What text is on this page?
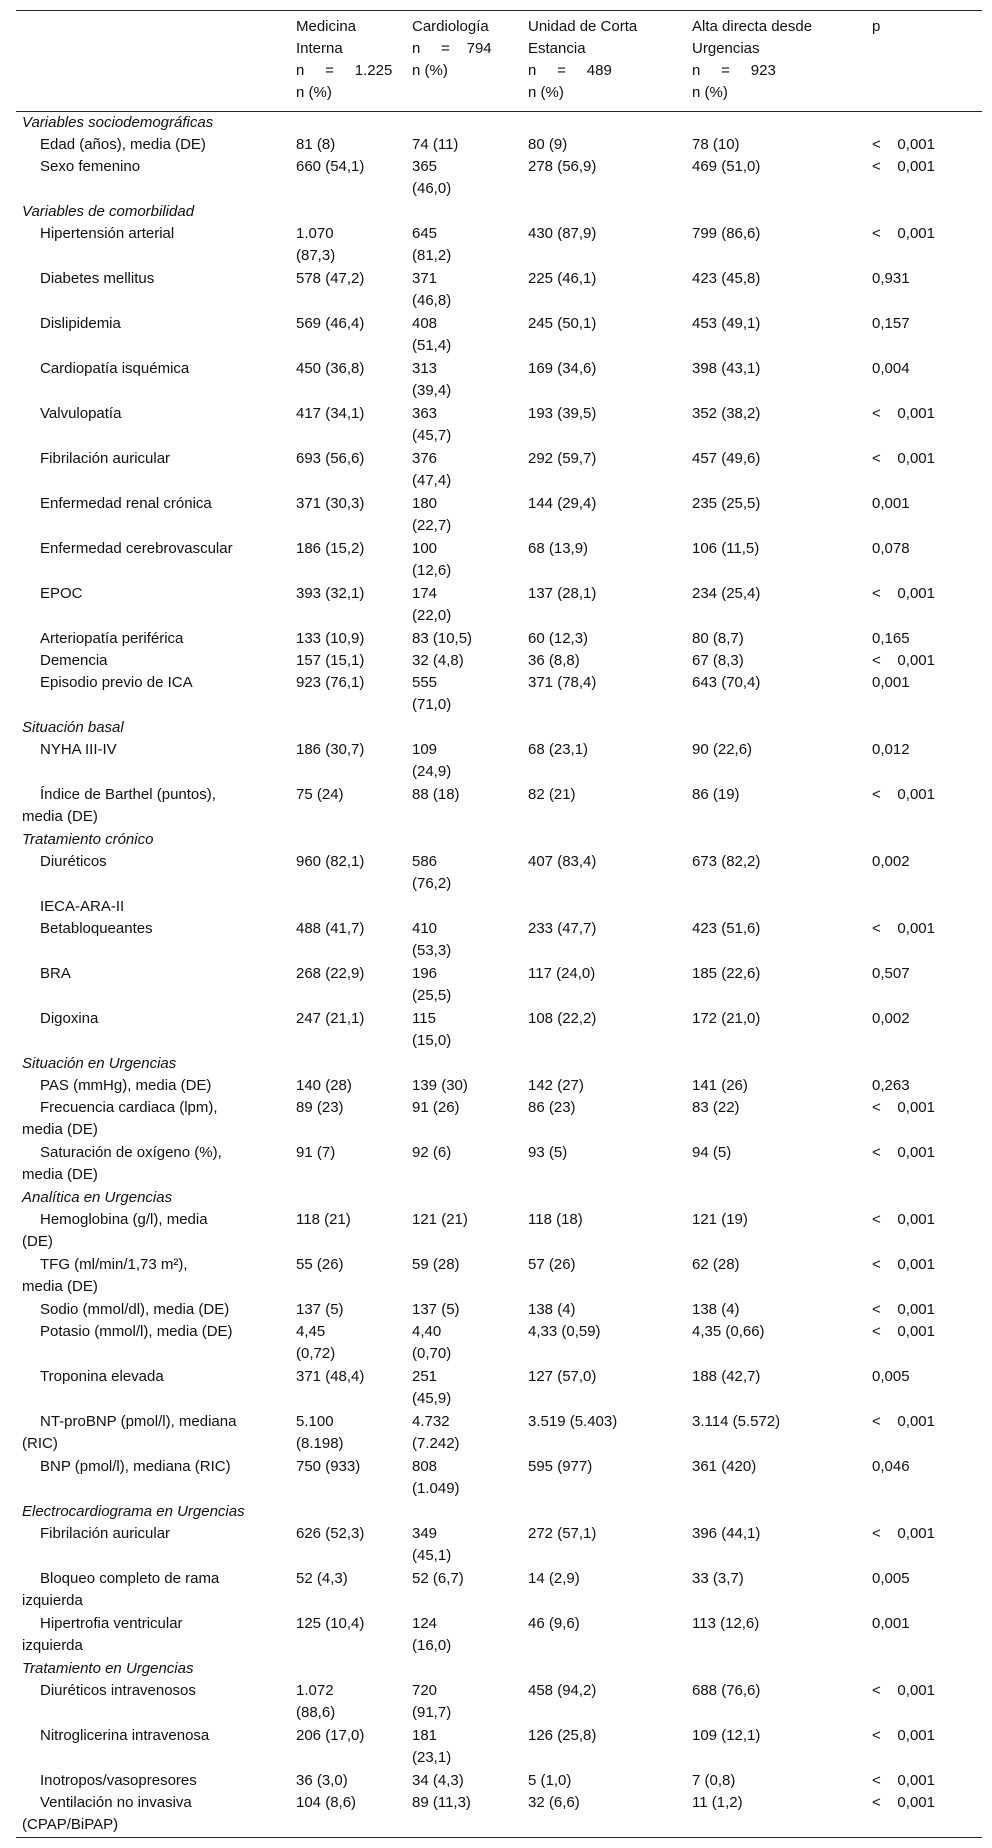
	Medicina
Interna
n     =     1.225
n (%)	Cardiología
n     =    794
n (%)	Unidad de Corta
Estancia
n     =     489
n (%)	Alta directa desde
Urgencias
n     =     923
n (%)	p

Variables sociodemográficas					

Edad (años), media (DE)	81 (8)	74 (11)	80 (9)	78 (10)	<    0,001

Sexo femenino	660 (54,1)	365
(46,0)	278 (56,9)	469 (51,0)	<    0,001
Variables de comorbilidad					

Hipertensión arterial	1.070
(87,3)	645
(81,2)	430 (87,9)	799 (86,6)	<    0,001

Diabetes mellitus	578 (47,2)	371
(46,8)	225 (46,1)	423 (45,8)	0,931

Dislipidemia	569 (46,4)	408
(51,4)	245 (50,1)	453 (49,1)	0,157

Cardiopatía isquémica	450 (36,8)	313
(39,4)	169 (34,6)	398 (43,1)	0,004

Valvulopatía	417 (34,1)	363
(45,7)	193 (39,5)	352 (38,2)	<    0,001

Fibrilación auricular	693 (56,6)	376
(47,4)	292 (59,7)	457 (49,6)	<    0,001

Enfermedad renal crónica	371 (30,3)	180
(22,7)	144 (29,4)	235 (25,5)	0,001

Enfermedad cerebrovascular	186 (15,2)	100
(12,6)	68 (13,9)	106 (11,5)	0,078

EPOC	393 (32,1)	174
(22,0)	137 (28,1)	234 (25,4)	<    0,001

Arteriopatía periférica	133 (10,9)	83 (10,5)	60 (12,3)	80 (8,7)	0,165

Demencia	157 (15,1)	32 (4,8)	36 (8,8)	67 (8,3)	<    0,001

Episodio previo de ICA	923 (76,1)	555
(71,0)	371 (78,4)	643 (70,4)	0,001
Situación basal					

NYHA III-IV	186 (30,7)	109
(24,9)	68 (23,1)	90 (22,6)	0,012

Índice de Barthel (puntos),
media (DE)	75 (24)	88 (18)	82 (21)	86 (19)	<    0,001
Tratamiento crónico					

Diuréticos	960 (82,1)	586
(76,2)	407 (83,4)	673 (82,2)	0,002

IECA-ARA-II					

Betabloqueantes	488 (41,7)	410
(53,3)	233 (47,7)	423 (51,6)	<    0,001

BRA	268 (22,9)	196
(25,5)	117 (24,0)	185 (22,6)	0,507

Digoxina	247 (21,1)	115
(15,0)	108 (22,2)	172 (21,0)	0,002
Situación en Urgencias					

PAS (mmHg), media (DE)	140 (28)	139 (30)	142 (27)	141 (26)	0,263

Frecuencia cardiaca (lpm),
media (DE)	89 (23)	91 (26)	86 (23)	83 (22)	<    0,001

Saturación de oxígeno (%),
media (DE)	91 (7)	92 (6)	93 (5)	94 (5)	<    0,001
Analítica en Urgencias					

Hemoglobina (g/l), media
(DE)	118 (21)	121 (21)	118 (18)	121 (19)	<    0,001

TFG (ml/min/1,73 m²),
media (DE)	55 (26)	59 (28)	57 (26)	62 (28)	<    0,001

Sodio (mmol/dl), media (DE)	137 (5)	137 (5)	138 (4)	138 (4)	<    0,001

Potasio (mmol/l), media (DE)	4,45
(0,72)	4,40
(0,70)	4,33 (0,59)	4,35 (0,66)	<    0,001

Troponina elevada	371 (48,4)	251
(45,9)	127 (57,0)	188 (42,7)	0,005

NT-proBNP (pmol/l), mediana
(RIC)	5.100
(8.198)	4.732
(7.242)	3.519 (5.403)	3.114 (5.572)	<    0,001

BNP (pmol/l), mediana (RIC)	750 (933)	808
(1.049)	595 (977)	361 (420)	0,046
Electrocardiograma en Urgencias					

Fibrilación auricular	626 (52,3)	349
(45,1)	272 (57,1)	396 (44,1)	<    0,001

Bloqueo completo de rama
izquierda	52 (4,3)	52 (6,7)	14 (2,9)	33 (3,7)	0,005

Hipertrofia ventricular
izquierda	125 (10,4)	124
(16,0)	46 (9,6)	113 (12,6)	0,001
Tratamiento en Urgencias					

Diuréticos intravenosos	1.072
(88,6)	720
(91,7)	458 (94,2)	688 (76,6)	<    0,001

Nitroglicerina intravenosa	206 (17,0)	181
(23,1)	126 (25,8)	109 (12,1)	<    0,001

Inotropos/vasopresores	36 (3,0)	34 (4,3)	5 (1,0)	7 (0,8)	<    0,001

Ventilación no invasiva
(CPAP/BiPAP)	104 (8,6)	89 (11,3)	32 (6,6)	11 (1,2)	<    0,001
